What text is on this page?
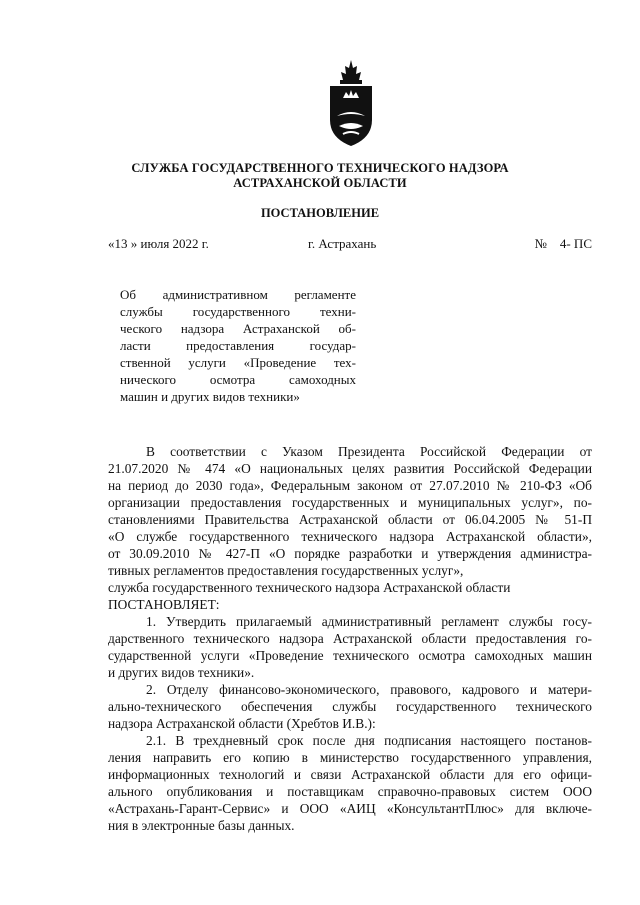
СЛУЖБА ГОСУДАРСТВЕННОГО ТЕХНИЧЕСКОГО НАДЗОРА
АСТРАХАНСКОЙ ОБЛАСТИ
ПОСТАНОВЛЕНИЕ
«13 » июля 2022 г.	г. Астрахань	№    4- ПС
Об административном регламенте
службы государственного техни-
ческого надзора Астраханской об-
ласти предоставления государ-
ственной услуги «Проведение тех-
нического осмотра самоходных
машин и других видов техники»
В соответствии с Указом Президента Российской Федерации от
21.07.2020 № 474 «О национальных целях развития Российской Федерации
на период до 2030 года», Федеральным законом от 27.07.2010 № 210-ФЗ «Об
организации предоставления государственных и муниципальных услуг», по-
становлениями Правительства Астраханской области от 06.04.2005 № 51-П
«О службе государственного технического надзора Астраханской области»,
от 30.09.2010 № 427-П «О порядке разработки и утверждения администра-
тивных регламентов предоставления государственных услуг»,
служба государственного технического надзора Астраханской области
ПОСТАНОВЛЯЕТ:
1. Утвердить прилагаемый административный регламент службы госу-
дарственного технического надзора Астраханской области предоставления го-
сударственной услуги «Проведение технического осмотра самоходных машин
и других видов техники».
2. Отделу финансово-экономического, правового, кадрового и матери-
ально-технического обеспечения службы государственного технического
надзора Астраханской области (Хребтов И.В.):
2.1. В трехдневный срок после дня подписания настоящего постанов-
ления направить его копию в министерство государственного управления,
информационных технологий и связи Астраханской области для его офици-
ального опубликования и поставщикам справочно-правовых систем ООО
«Астрахань-Гарант-Сервис» и ООО «АИЦ «КонсультантПлюс» для включе-
ния в электронные базы данных.
